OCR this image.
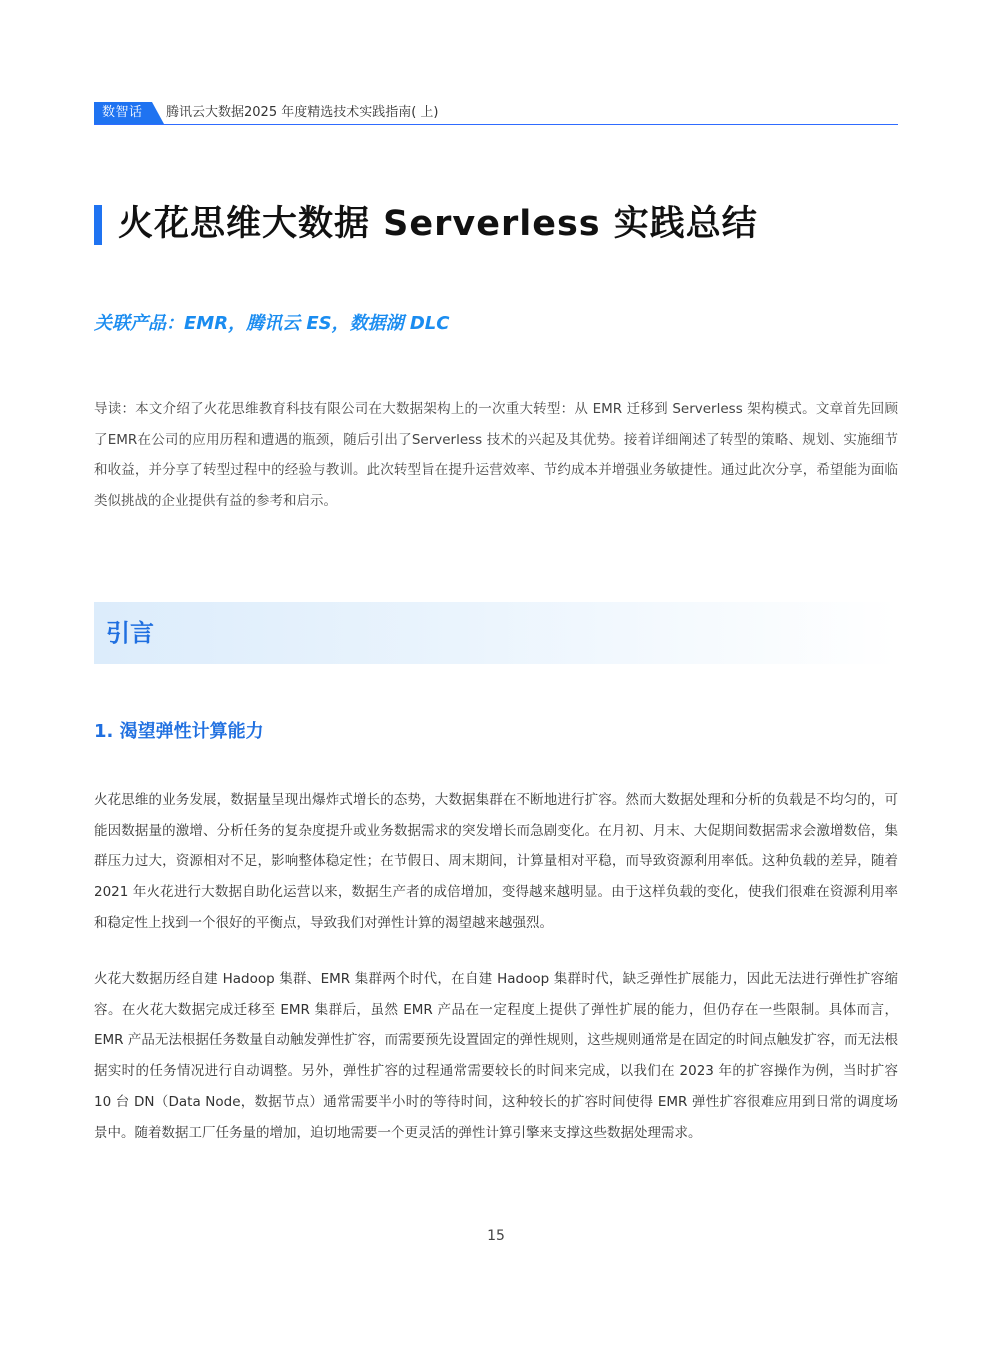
数智话 腾讯云大数据2025 年度精选技术实践指南( 上)
火花思维大数据 Serverless 实践总结
关联产品：EMR，腾讯云 ES，数据湖 DLC

导读：本文介绍了火花思维教育科技有限公司在大数据架构上的一次重大转型：从 EMR 迁移到 Serverless 架构模式。文章首先回顾了EMR在公司的应用历程和遭遇的瓶颈，随后引出了Serverless 技术的兴起及其优势。接着详细阐述了转型的策略、规划、实施细节和收益，并分享了转型过程中的经验与教训。此次转型旨在提升运营效率、节约成本并增强业务敏捷性。通过此次分享，希望能为面临类似挑战的企业提供有益的参考和启示。

引言
1. 渴望弹性计算能力

火花思维的业务发展，数据量呈现出爆炸式增长的态势，大数据集群在不断地进行扩容。然而大数据处理和分析的负载是不均匀的，可能因数据量的激增、分析任务的复杂度提升或业务数据需求的突发增长而急剧变化。在月初、月末、大促期间数据需求会激增数倍，集群压力过大，资源相对不足，影响整体稳定性；在节假日、周末期间，计算量相对平稳，而导致资源利用率低。这种负载的差异，随着 2021 年火花进行大数据自助化运营以来，数据生产者的成倍增加，变得越来越明显。由于这样负载的变化，使我们很难在资源利用率和稳定性上找到一个很好的平衡点，导致我们对弹性计算的渴望越来越强烈。

火花大数据历经自建 Hadoop 集群、EMR 集群两个时代，在自建 Hadoop 集群时代，缺乏弹性扩展能力，因此无法进行弹性扩容缩容。在火花大数据完成迁移至 EMR 集群后，虽然 EMR 产品在一定程度上提供了弹性扩展的能力，但仍存在一些限制。具体而言，EMR 产品无法根据任务数量自动触发弹性扩容，而需要预先设置固定的弹性规则，这些规则通常是在固定的时间点触发扩容，而无法根据实时的任务情况进行自动调整。另外，弹性扩容的过程通常需要较长的时间来完成，以我们在 2023 年的扩容操作为例，当时扩容 10 台 DN（Data Node，数据节点）通常需要半小时的等待时间，这种较长的扩容时间使得 EMR 弹性扩容很难应用到日常的调度场景中。随着数据工厂任务量的增加，迫切地需要一个更灵活的弹性计算引擎来支撑这些数据处理需求。

15
